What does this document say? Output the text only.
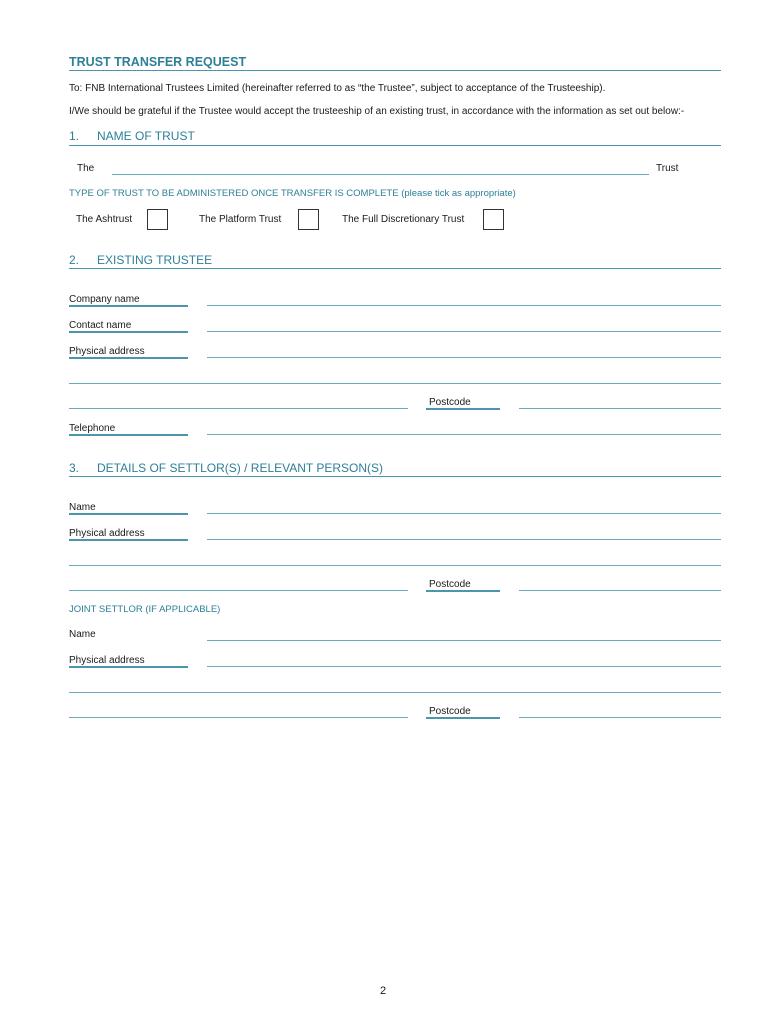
TRUST TRANSFER REQUEST
To: FNB International Trustees Limited (hereinafter referred to as “the Trustee”, subject to acceptance of the Trusteeship).
I/We should be grateful if the Trustee would accept the trusteeship of an existing trust, in accordance with the information as set out below:-
1. NAME OF TRUST
The	Trust
TYPE OF TRUST TO BE ADMINISTERED ONCE TRANSFER IS COMPLETE (please tick as appropriate)
The Ashtrust	The Platform Trust	The Full Discretionary Trust
2. EXISTING TRUSTEE
Company name
Contact name
Physical address
Postcode
Telephone
3. DETAILS OF SETTLOR(S) / RELEVANT PERSON(S)
Name
Physical address
Postcode
JOINT SETTLOR (IF APPLICABLE)
Name
Physical address
Postcode
2
